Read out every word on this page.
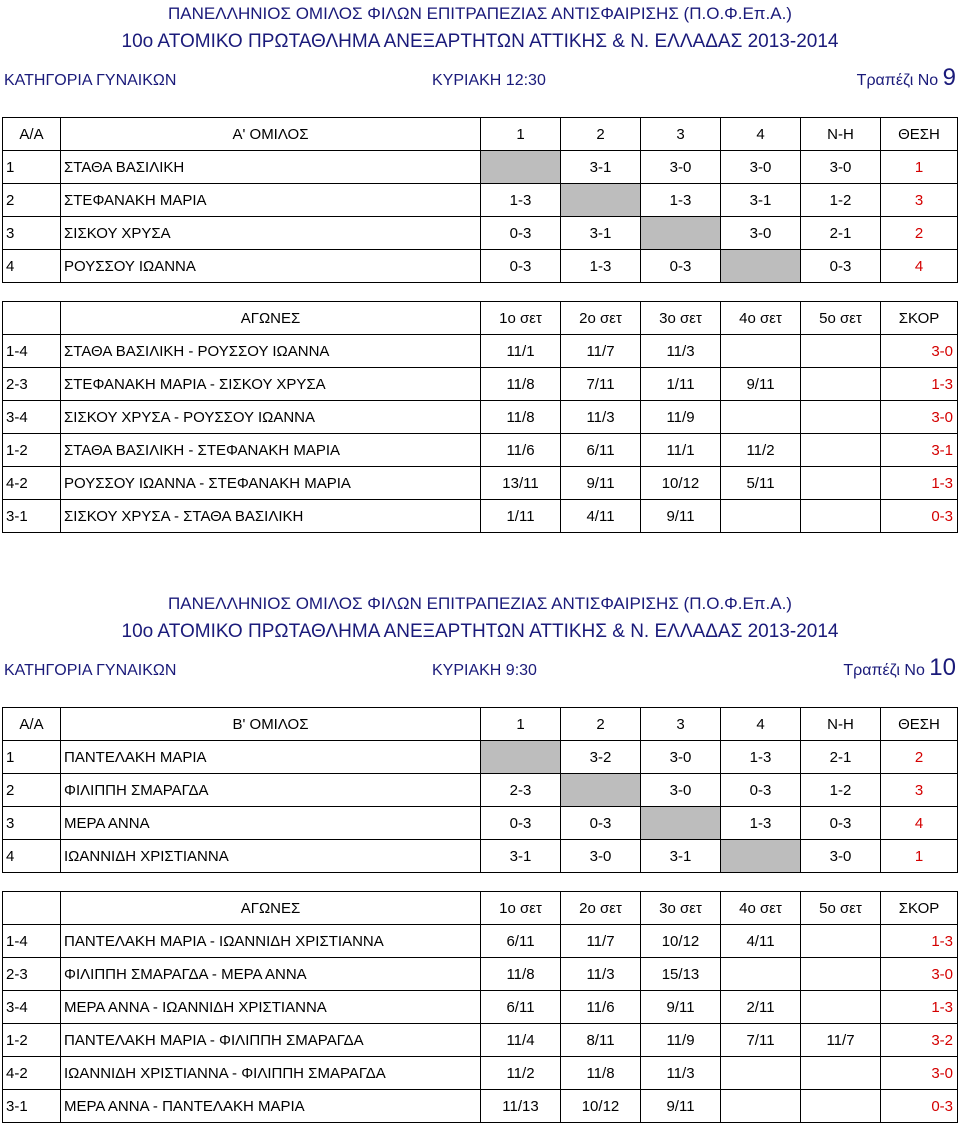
ΠΑΝΕΛΛΗΝΙΟΣ ΟΜΙΛΟΣ ΦΙΛΩΝ ΕΠΙΤΡΑΠΕΖΙΑΣ ΑΝΤΙΣΦΑΙΡΙΣΗΣ (Π.Ο.Φ.Επ.Α.)
10ο ΑΤΟΜΙΚΟ ΠΡΩΤΑΘΛΗΜΑ ΑΝΕΞΑΡΤΗΤΩΝ ΑΤΤΙΚΗΣ & Ν. ΕΛΛΑΔΑΣ 2013-2014
ΚΑΤΗΓΟΡΙΑ ΓΥΝΑΙΚΩΝ	ΚΥΡΙΑΚΗ 12:30	Τραπέζι Νο 9
Α/Α	Α' ΟΜΙΛΟΣ	1	2	3	4	Ν-Η	ΘΕΣΗ
1	ΣΤΑΘΑ ΒΑΣΙΛΙΚΗ		3-1	3-0	3-0	3-0	1
2	ΣΤΕΦΑΝΑΚΗ ΜΑΡΙΑ	1-3		1-3	3-1	1-2	3
3	ΣΙΣΚΟΥ ΧΡΥΣΑ	0-3	3-1		3-0	2-1	2
4	ΡΟΥΣΣΟΥ ΙΩΑΝΝΑ	0-3	1-3	0-3		0-3	4
	ΑΓΩΝΕΣ	1ο σετ	2ο σετ	3ο σετ	4ο σετ	5ο σετ	ΣΚΟΡ
1-4	ΣΤΑΘΑ ΒΑΣΙΛΙΚΗ - ΡΟΥΣΣΟΥ ΙΩΑΝΝΑ	11/1	11/7	11/3			3-0
2-3	ΣΤΕΦΑΝΑΚΗ ΜΑΡΙΑ - ΣΙΣΚΟΥ ΧΡΥΣΑ	11/8	7/11	1/11	9/11		1-3
3-4	ΣΙΣΚΟΥ ΧΡΥΣΑ - ΡΟΥΣΣΟΥ ΙΩΑΝΝΑ	11/8	11/3	11/9			3-0
1-2	ΣΤΑΘΑ ΒΑΣΙΛΙΚΗ - ΣΤΕΦΑΝΑΚΗ ΜΑΡΙΑ	11/6	6/11	11/1	11/2		3-1
4-2	ΡΟΥΣΣΟΥ ΙΩΑΝΝΑ - ΣΤΕΦΑΝΑΚΗ ΜΑΡΙΑ	13/11	9/11	10/12	5/11		1-3
3-1	ΣΙΣΚΟΥ ΧΡΥΣΑ - ΣΤΑΘΑ ΒΑΣΙΛΙΚΗ	1/11	4/11	9/11			0-3
ΠΑΝΕΛΛΗΝΙΟΣ ΟΜΙΛΟΣ ΦΙΛΩΝ ΕΠΙΤΡΑΠΕΖΙΑΣ ΑΝΤΙΣΦΑΙΡΙΣΗΣ (Π.Ο.Φ.Επ.Α.)
10ο ΑΤΟΜΙΚΟ ΠΡΩΤΑΘΛΗΜΑ ΑΝΕΞΑΡΤΗΤΩΝ ΑΤΤΙΚΗΣ & Ν. ΕΛΛΑΔΑΣ 2013-2014
ΚΑΤΗΓΟΡΙΑ ΓΥΝΑΙΚΩΝ	ΚΥΡΙΑΚΗ 9:30	Τραπέζι Νο 10
Α/Α	Β' ΟΜΙΛΟΣ	1	2	3	4	Ν-Η	ΘΕΣΗ
1	ΠΑΝΤΕΛΑΚΗ ΜΑΡΙΑ		3-2	3-0	1-3	2-1	2
2	ΦΙΛΙΠΠΗ ΣΜΑΡΑΓΔΑ	2-3		3-0	0-3	1-2	3
3	ΜΕΡΑ ΑΝΝΑ	0-3	0-3		1-3	0-3	4
4	ΙΩΑΝΝΙΔΗ ΧΡΙΣΤΙΑΝΝΑ	3-1	3-0	3-1		3-0	1
	ΑΓΩΝΕΣ	1ο σετ	2ο σετ	3ο σετ	4ο σετ	5ο σετ	ΣΚΟΡ
1-4	ΠΑΝΤΕΛΑΚΗ ΜΑΡΙΑ - ΙΩΑΝΝΙΔΗ ΧΡΙΣΤΙΑΝΝΑ	6/11	11/7	10/12	4/11		1-3
2-3	ΦΙΛΙΠΠΗ ΣΜΑΡΑΓΔΑ - ΜΕΡΑ ΑΝΝΑ	11/8	11/3	15/13			3-0
3-4	ΜΕΡΑ ΑΝΝΑ - ΙΩΑΝΝΙΔΗ ΧΡΙΣΤΙΑΝΝΑ	6/11	11/6	9/11	2/11		1-3
1-2	ΠΑΝΤΕΛΑΚΗ ΜΑΡΙΑ - ΦΙΛΙΠΠΗ ΣΜΑΡΑΓΔΑ	11/4	8/11	11/9	7/11	11/7	3-2
4-2	ΙΩΑΝΝΙΔΗ ΧΡΙΣΤΙΑΝΝΑ - ΦΙΛΙΠΠΗ ΣΜΑΡΑΓΔΑ	11/2	11/8	11/3			3-0
3-1	ΜΕΡΑ ΑΝΝΑ - ΠΑΝΤΕΛΑΚΗ ΜΑΡΙΑ	11/13	10/12	9/11			0-3
